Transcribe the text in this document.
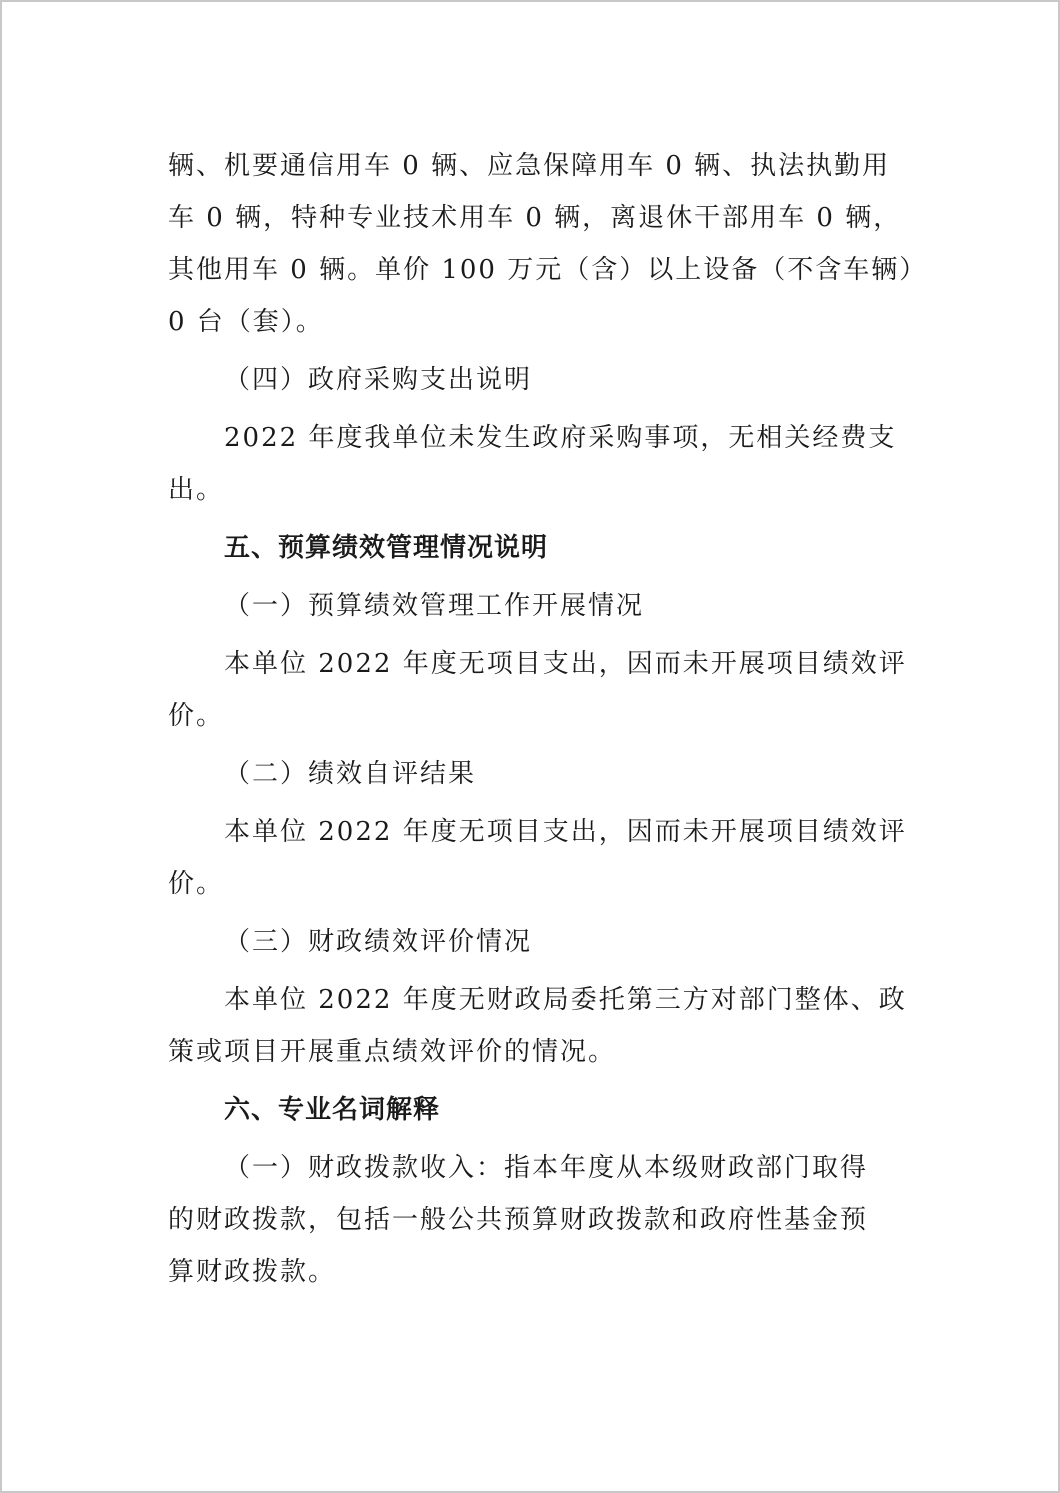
辆、机要通信用车 0 辆、应急保障用车 0 辆、执法执勤用
车 0 辆，特种专业技术用车 0 辆，离退休干部用车 0 辆，
其他用车 0 辆。单价 100 万元（含）以上设备（不含车辆）
0 台（套）。
（四）政府采购支出说明
2022 年度我单位未发生政府采购事项，无相关经费支
出。
五、预算绩效管理情况说明
（一）预算绩效管理工作开展情况
本单位 2022 年度无项目支出，因而未开展项目绩效评
价。
（二）绩效自评结果
本单位 2022 年度无项目支出，因而未开展项目绩效评
价。
（三）财政绩效评价情况
本单位 2022 年度无财政局委托第三方对部门整体、政
策或项目开展重点绩效评价的情况。
六、专业名词解释
（一）财政拨款收入：指本年度从本级财政部门取得
的财政拨款，包括一般公共预算财政拨款和政府性基金预
算财政拨款。
